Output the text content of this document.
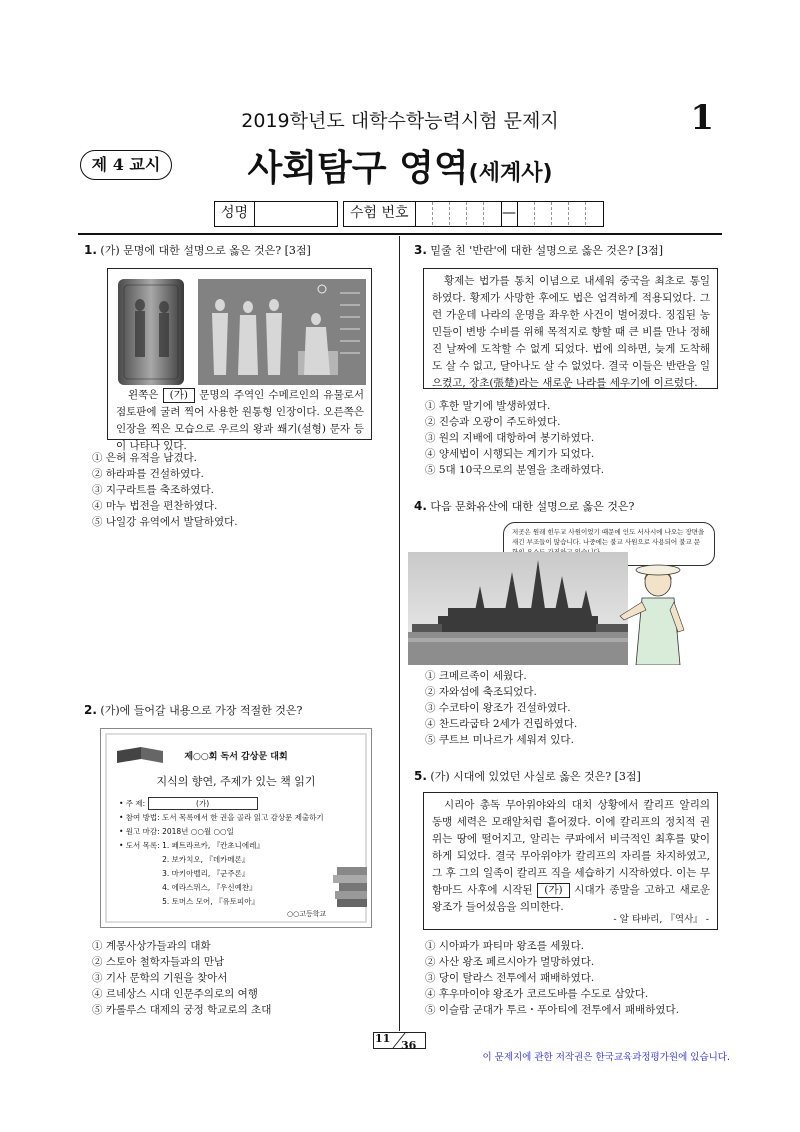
2019학년도 대학수학능력시험 문제지	1
제 4 교시	사회탐구 영역(세계사)
성명	수험 번호	—
1. (가) 문명에 대한 설명으로 옳은 것은? [3점]
왼쪽은 (가) 문명의 주역인 수메르인의 유물로서 점토판에 굴려 찍어 사용한 원통형 인장이다. 오른쪽은 인장을 찍은 모습으로 우르의 왕과 쐐기(설형) 문자 등이 나타나 있다.
① 은허 유적을 남겼다.
② 하라파를 건설하였다.
③ 지구라트를 축조하였다.
④ 마누 법전을 편찬하였다.
⑤ 나일강 유역에서 발달하였다.
2. (가)에 들어갈 내용으로 가장 적절한 것은?
제○○회 독서 감상문 대회
지식의 향연, 주제가 있는 책 읽기
• 주 제:	(가)
• 참여 방법: 도서 목록에서 한 권을 골라 읽고 감상문 제출하기
• 원고 마감: 2018년 ○○월 ○○일
• 도서 목록: 1. 페트라르카, 『칸초니에레』
2. 보카치오, 『데카메론』
3. 마키아벨리, 『군주론』
4. 에라스뮈스, 『우신예찬』
5. 토머스 모어, 『유토피아』
○○고등학교
① 계몽사상가들과의 대화
② 스토아 철학자들과의 만남
③ 기사 문학의 기원을 찾아서
④ 르네상스 시대 인문주의로의 여행
⑤ 카롤루스 대제의 궁정 학교로의 초대
3. 밑줄 친 '반란'에 대한 설명으로 옳은 것은? [3점]
황제는 법가를 통치 이념으로 내세워 중국을 최초로 통일하였다. 황제가 사망한 후에도 법은 엄격하게 적용되었다. 그런 가운데 나라의 운명을 좌우한 사건이 벌어졌다. 징집된 농민들이 변방 수비를 위해 목적지로 향할 때 큰 비를 만나 정해진 날짜에 도착할 수 없게 되었다. 법에 의하면, 늦게 도착해도 살 수 없고, 달아나도 살 수 없었다. 결국 이들은 반란을 일으켰고, 장초(張楚)라는 새로운 나라를 세우기에 이르렀다.
① 후한 말기에 발생하였다.
② 진승과 오광이 주도하였다.
③ 원의 지배에 대항하여 봉기하였다.
④ 양세법이 시행되는 계기가 되었다.
⑤ 5대 10국으로의 분열을 초래하였다.
4. 다음 문화유산에 대한 설명으로 옳은 것은?
저곳은 원래 힌두교 사원이었기 때문에 인도 서사시에 나오는 장면을 새긴 부조들이 많습니다. 나중에는 불교 사원으로 사용되어 불교 문
① 크메르족이 세웠다.
② 자와섬에 축조되었다.
③ 수코타이 왕조가 건설하였다.
④ 찬드라굽타 2세가 건립하였다.
⑤ 쿠트브 미나르가 세워져 있다.
5. (가) 시대에 있었던 사실로 옳은 것은? [3점]
시리아 총독 무아위야와의 대치 상황에서 칼리프 알리의 동맹 세력은 모래알처럼 흩어졌다. 이에 칼리프의 정치적 권위는 땅에 떨어지고, 알리는 쿠파에서 비극적인 최후를 맞이하게 되었다. 결국 무아위야가 칼리프의 자리를 차지하였고, 그 후 그의 일족이 칼리프 직을 세습하기 시작하였다. 이는 무함마드 사후에 시작된 (가) 시대가 종말을 고하고 새로운 왕조가 들어섰음을 의미한다.
- 알 타바리, 『역사』 -
① 시아파가 파티마 왕조를 세웠다.
② 사산 왕조 페르시아가 멸망하였다.
③ 당이 탈라스 전투에서 패배하였다.
④ 후우마이야 왕조가 코르도바를 수도로 삼았다.
⑤ 이슬람 군대가 투르・푸아티에 전투에서 패배하였다.
11
36
이 문제지에 관한 저작권은 한국교육과정평가원에 있습니다.
